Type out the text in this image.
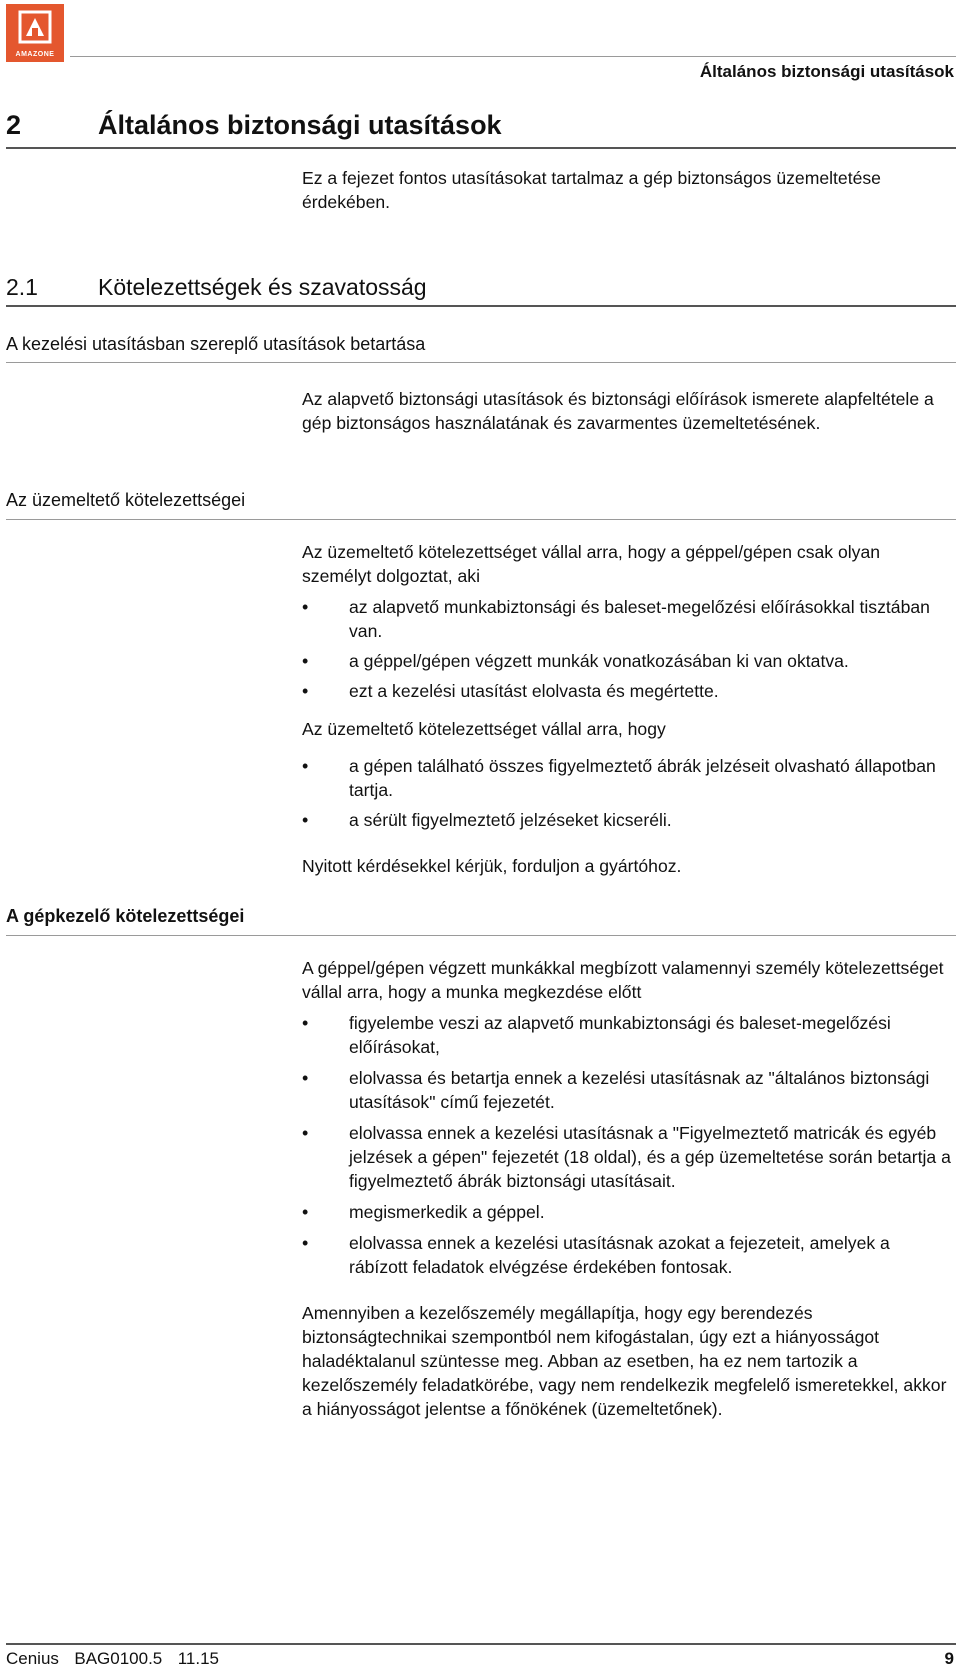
AMAZONE
Általános biztonsági utasítások
2	Általános biztonsági utasítások

Ez a fejezet fontos utasításokat tartalmaz a gép biztonságos üzemeltetése érdekében.

2.1	Kötelezettségek és szavatosság
A kezelési utasításban szereplő utasítások betartása

Az alapvető biztonsági utasítások és biztonsági előírások ismerete alapfeltétele a gép biztonságos használatának és zavarmentes üzemeltetésének.

Az üzemeltető kötelezettségei

Az üzemeltető kötelezettséget vállal arra, hogy a géppel/gépen csak olyan személyt dolgoztat, aki

• az alapvető munkabiztonsági és baleset-megelőzési előírásokkal tisztában van.
• a géppel/gépen végzett munkák vonatkozásában ki van oktatva.
• ezt a kezelési utasítást elolvasta és megértette.

Az üzemeltető kötelezettséget vállal arra, hogy

• a gépen található összes figyelmeztető ábrák jelzéseit olvasható állapotban tartja.
• a sérült figyelmeztető jelzéseket kicseréli.

Nyitott kérdésekkel kérjük, forduljon a gyártóhoz.

A gépkezelő kötelezettségei

A géppel/gépen végzett munkákkal megbízott valamennyi személy kötelezettséget vállal arra, hogy a munka megkezdése előtt

• figyelembe veszi az alapvető munkabiztonsági és baleset-megelőzési előírásokat,
• elolvassa és betartja ennek a kezelési utasításnak az "általános biztonsági utasítások" című fejezetét.
• elolvassa ennek a kezelési utasításnak a "Figyelmeztető matricák és egyéb jelzések a gépen" fejezetét (18 oldal), és a gép üzemeltetése során betartja a figyelmeztető ábrák biztonsági utasításait.
• megismerkedik a géppel.
• elolvassa ennek a kezelési utasításnak azokat a fejezeteit, amelyek a rábízott feladatok elvégzése érdekében fontosak.

Amennyiben a kezelőszemély megállapítja, hogy egy berendezés biztonságtechnikai szempontból nem kifogástalan, úgy ezt a hiányosságot haladéktalanul szüntesse meg. Abban az esetben, ha ez nem tartozik a kezelőszemély feladatkörébe, vagy nem rendelkezik megfelelő ismeretekkel, akkor a hiányosságot jelentse a főnökének (üzemeltetőnek).

Cenius  BAG0100.5  11.15	9
